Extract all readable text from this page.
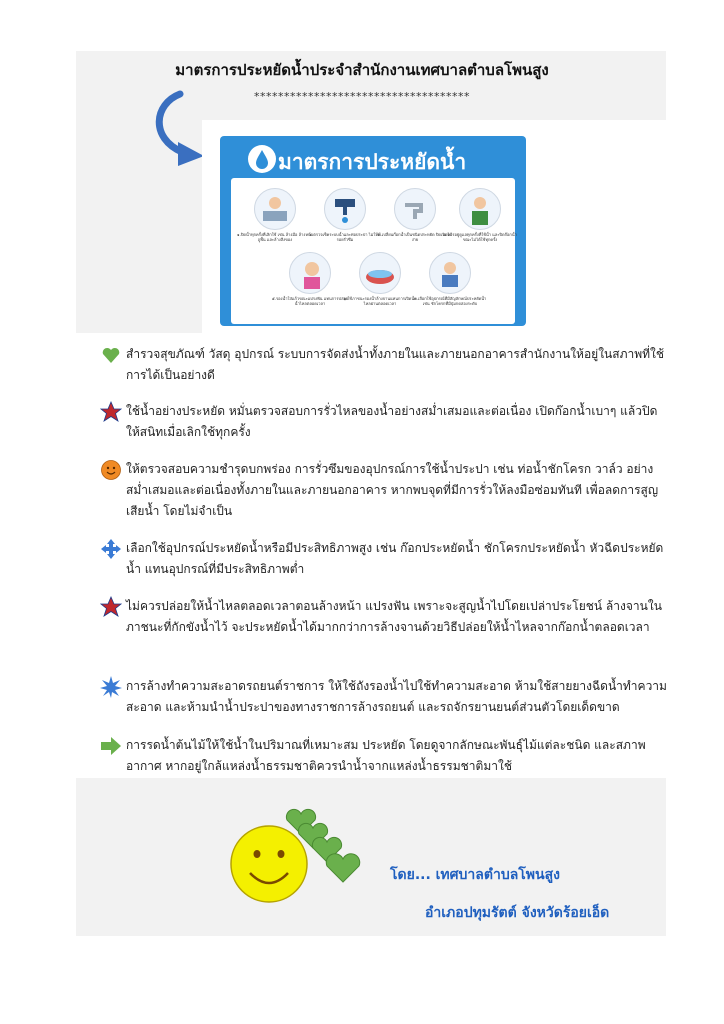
มาตรการประหยัดน้ำประจำสำนักงานเทศบาลตำบลโพนสูง
************************************
มาตรการประหยัดน้ำ
๑.ปิดน้ำทุกครั้งที่เลิกใช้ เช่น ล้างมือ ล้างหน้า ถูพื้น และล้างสิ่งของ
๒.ตรวจเช็คระบบน้ำและท่อประปา ไม่ให้มีรอยรั่วซึม
๓.เปลี่ยนก๊อกน้ำเป็นชนิดประหยัด ปิดเปิดได้ง่าย
๔.ควรอยู่ดูแลทุกครั้งที่ใช้น้ำ และปิดก๊อกน้ำขณะไม่ได้ใช้ทุกครั้ง
๕.รองน้ำใส่แก้วขณะแปรงฟัน แทนการปล่อยน้ำไหลตลอดเวลา
๖.ใช้ภาชนะรองน้ำล้างจานแทนการเปิดน้ำไหลผ่านตลอดเวลา
๗.เลือกใช้อุปกรณ์ที่มีสัญลักษณ์ประหยัดน้ำ เช่น ชักโครกที่มีปุ่มกดสองระดับ
สำรวจสุขภัณฑ์ วัสดุ อุปกรณ์ ระบบการจัดส่งน้ำทั้งภายในและภายนอกอาคารสำนักงานให้อยู่ในสภาพที่ใช้การได้เป็นอย่างดี
ใช้น้ำอย่างประหยัด หมั่นตรวจสอบการรั่วไหลของน้ำอย่างสม่ำเสมอและต่อเนื่อง เปิดก๊อกน้ำเบาๆ แล้วปิดให้สนิทเมื่อเลิกใช้ทุกครั้ง
ให้ตรวจสอบความชำรุดบกพร่อง การรั่วซึมของอุปกรณ์การใช้น้ำประปา เช่น ท่อน้ำชักโครก วาล์ว อย่างสม่ำเสมอและต่อเนื่องทั้งภายในและภายนอกอาคาร หากพบจุดที่มีการรั่วให้ลงมือซ่อมทันที เพื่อลดการสูญเสียน้ำ โดยไม่จำเป็น
เลือกใช้อุปกรณ์ประหยัดน้ำหรือมีประสิทธิภาพสูง เช่น ก๊อกประหยัดน้ำ ชักโครกประหยัดน้ำ หัวฉีดประหยัดน้ำ แทนอุปกรณ์ที่มีประสิทธิภาพต่ำ
ไม่ควรปล่อยให้น้ำไหลตลอดเวลาตอนล้างหน้า แปรงฟัน เพราะจะสูญน้ำไปโดยเปล่าประโยชน์ ล้างจานในภาชนะที่กักขังน้ำไว้ จะประหยัดน้ำได้มากกว่าการล้างจานด้วยวิธีปล่อยให้น้ำไหลจากก๊อกน้ำตลอดเวลา
การล้างทำความสะอาดรถยนต์ราชการ ให้ใช้ถังรองน้ำไปใช้ทำความสะอาด ห้ามใช้สายยางฉีดน้ำทำความสะอาด และห้ามนำน้ำประปาของทางราชการล้างรถยนต์ และรถจักรยานยนต์ส่วนตัวโดยเด็ดขาด
การรดน้ำต้นไม้ให้ใช้น้ำในปริมาณที่เหมาะสม ประหยัด โดยดูจากลักษณะพันธุ์ไม้แต่ละชนิด และสภาพอากาศ หากอยู่ใกล้แหล่งน้ำธรรมชาติควรนำน้ำจากแหล่งน้ำธรรมชาติมาใช้
โดย... เทศบาลตำบลโพนสูง
อำเภอปทุมรัตต์ จังหวัดร้อยเอ็ด
